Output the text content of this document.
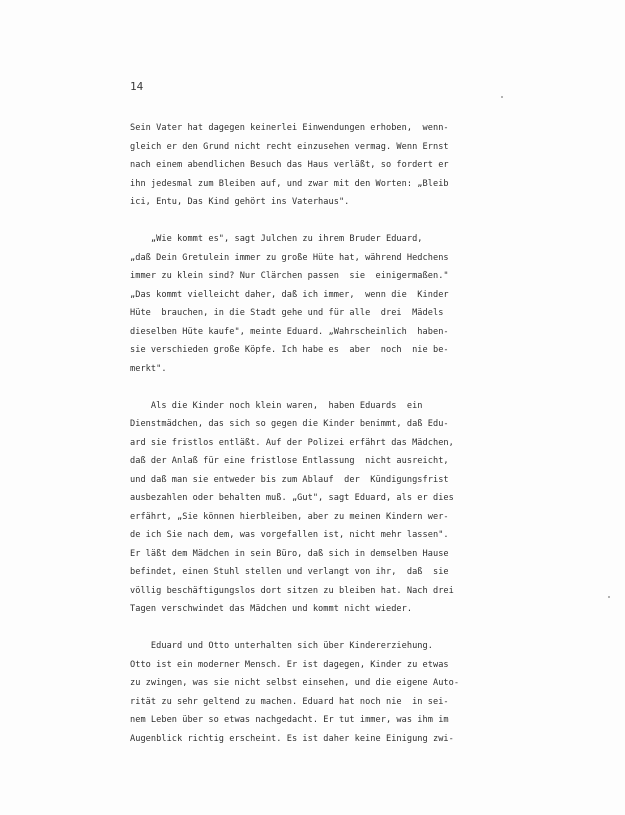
14

Sein Vater hat dagegen keinerlei Einwendungen erhoben,  wenn-
gleich er den Grund nicht recht einzusehen vermag. Wenn Ernst
nach einem abendlichen Besuch das Haus verläßt, so fordert er
ihn jedesmal zum Bleiben auf, und zwar mit den Worten: „Bleib
ici, Entu, Das Kind gehört ins Vaterhaus".

„Wie kommt es", sagt Julchen zu ihrem Bruder Eduard,
„daß Dein Gretulein immer zu große Hüte hat, während Hedchens
immer zu klein sind? Nur Clärchen passen  sie  einigermaßen."
„Das kommt vielleicht daher, daß ich immer,  wenn die  Kinder
Hüte  brauchen, in die Stadt gehe und für alle  drei  Mädels
dieselben Hüte kaufe", meinte Eduard. „Wahrscheinlich  haben-
sie verschieden große Köpfe. Ich habe es  aber  noch  nie be-
merkt".

Als die Kinder noch klein waren,  haben Eduards  ein
Dienstmädchen, das sich so gegen die Kinder benimmt, daß Edu-
ard sie fristlos entläßt. Auf der Polizei erfährt das Mädchen,
daß der Anlaß für eine fristlose Entlassung  nicht ausreicht,
und daß man sie entweder bis zum Ablauf  der  Kündigungsfrist
ausbezahlen oder behalten muß. „Gut", sagt Eduard, als er dies
erfährt, „Sie können hierbleiben, aber zu meinen Kindern wer-
de ich Sie nach dem, was vorgefallen ist, nicht mehr lassen".
Er läßt dem Mädchen in sein Büro, daß sich in demselben Hause
befindet, einen Stuhl stellen und verlangt von ihr,  daß  sie
völlig beschäftigungslos dort sitzen zu bleiben hat. Nach drei
Tagen verschwindet das Mädchen und kommt nicht wieder.

Eduard und Otto unterhalten sich über Kindererziehung.
Otto ist ein moderner Mensch. Er ist dagegen, Kinder zu etwas
zu zwingen, was sie nicht selbst einsehen, und die eigene Auto-
rität zu sehr geltend zu machen. Eduard hat noch nie  in sei-
nem Leben über so etwas nachgedacht. Er tut immer, was ihm im
Augenblick richtig erscheint. Es ist daher keine Einigung zwi-
